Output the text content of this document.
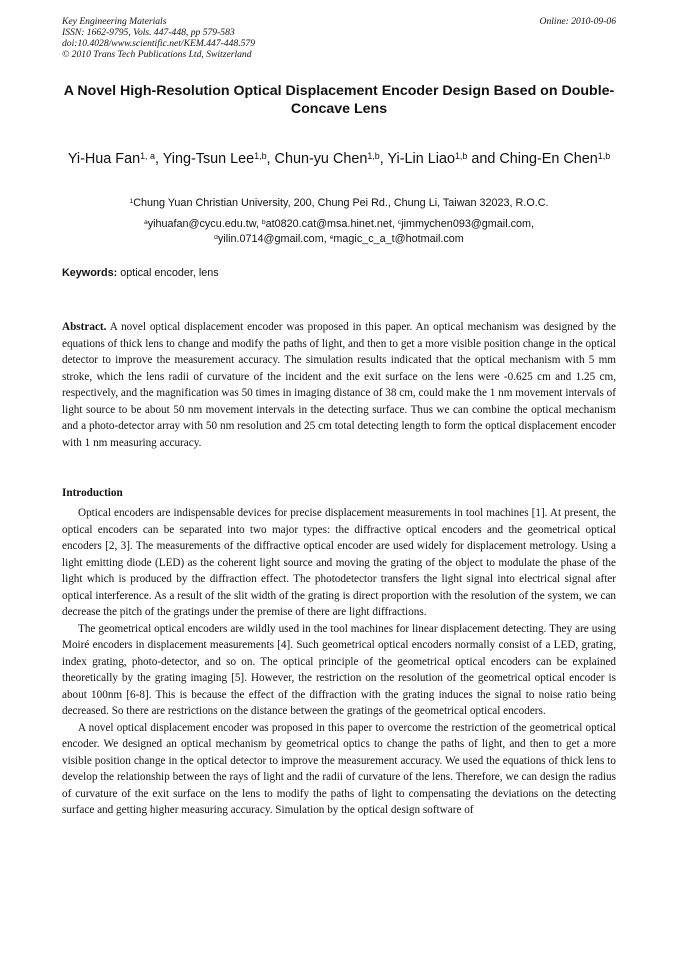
Key Engineering Materials
ISSN: 1662-9795, Vols. 447-448, pp 579-583
doi:10.4028/www.scientific.net/KEM.447-448.579
© 2010 Trans Tech Publications Ltd, Switzerland
Online: 2010-09-06
A Novel High-Resolution Optical Displacement Encoder Design Based on Double-Concave Lens
Yi-Hua Fan$^{1, a}$, Ying-Tsun Lee$^{1,b}$, Chun-yu Chen$^{1,b}$, Yi-Lin Liao$^{1,b}$ and Ching-En Chen$^{1,b}$
$^1$Chung Yuan Christian University, 200, Chung Pei Rd., Chung Li, Taiwan 32023, R.O.C.
$^a$yihuafan@cycu.edu.tw, $^b$at0820.cat@msa.hinet.net, $^c$jimmychen093@gmail.com,
$^d$yilin.0714@gmail.com, $^e$magic_c_a_t@hotmail.com
Keywords: optical encoder, lens

Abstract. A novel optical displacement encoder was proposed in this paper. An optical mechanism was designed by the equations of thick lens to change and modify the paths of light, and then to get a more visible position change in the optical detector to improve the measurement accuracy. The simulation results indicated that the optical mechanism with 5 mm stroke, which the lens radii of curvature of the incident and the exit surface on the lens were -0.625 cm and 1.25 cm, respectively, and the magnification was 50 times in imaging distance of 38 cm, could make the 1 nm movement intervals of light source to be about 50 nm movement intervals in the detecting surface. Thus we can combine the optical mechanism and a photo-detector array with 50 nm resolution and 25 cm total detecting length to form the optical displacement encoder with 1 nm measuring accuracy.

Introduction

Optical encoders are indispensable devices for precise displacement measurements in tool machines [1]. At present, the optical encoders can be separated into two major types: the diffractive optical encoders and the geometrical optical encoders [2, 3]. The measurements of the diffractive optical encoder are used widely for displacement metrology. Using a light emitting diode (LED) as the coherent light source and moving the grating of the object to modulate the phase of the light which is produced by the diffraction effect. The photodetector transfers the light signal into electrical signal after optical interference. As a result of the slit width of the grating is direct proportion with the resolution of the system, we can decrease the pitch of the gratings under the premise of there are light diffractions.

The geometrical optical encoders are wildly used in the tool machines for linear displacement detecting. They are using Moiré encoders in displacement measurements [4]. Such geometrical optical encoders normally consist of a LED, grating, index grating, photo-detector, and so on. The optical principle of the geometrical optical encoders can be explained theoretically by the grating imaging [5]. However, the restriction on the resolution of the geometrical optical encoder is about 100nm [6-8]. This is because the effect of the diffraction with the grating induces the signal to noise ratio being decreased. So there are restrictions on the distance between the gratings of the geometrical optical encoders.

A novel optical displacement encoder was proposed in this paper to overcome the restriction of the geometrical optical encoder. We designed an optical mechanism by geometrical optics to change the paths of light, and then to get a more visible position change in the optical detector to improve the measurement accuracy. We used the equations of thick lens to develop the relationship between the rays of light and the radii of curvature of the lens. Therefore, we can design the radius of curvature of the exit surface on the lens to modify the paths of light to compensating the deviations on the detecting surface and getting higher measuring accuracy. Simulation by the optical design software of
